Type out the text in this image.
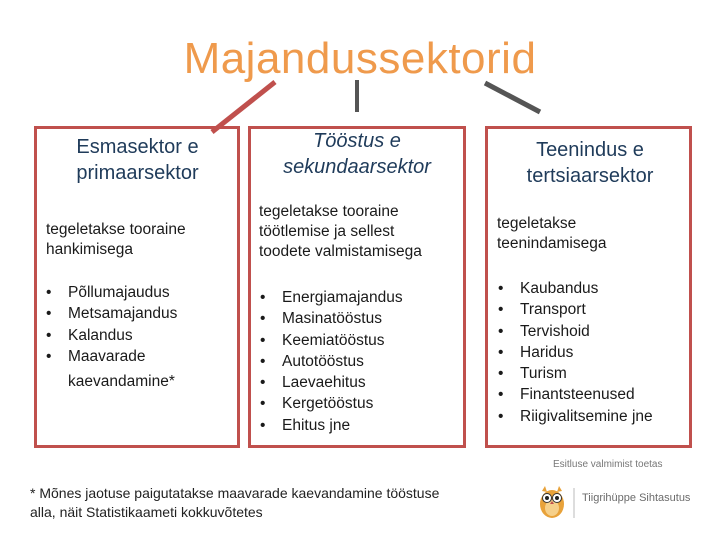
Majandussektorid
Esmasektor e
primaarsektor
tegeletakse tooraine
hankimisega
• Põllumajaudus
• Metsamajandus
• Kalandus
• Maavarade
kaevandamine*
Tööstus e
sekundaarsektor
tegeletakse tooraine
töötlemise ja sellest
toodete valmistamisega
• Energiamajandus
• Masinatööstus
• Keemiatööstus
• Autotööstus
• Laevaehitus
• Kergetööstus
• Ehitus jne
Teenindus e
tertsiaarsektor
tegeletakse
teenindamisega
• Kaubandus
• Transport
• Tervishoid
• Haridus
• Turism
• Finantsteenused
• Riigivalitsemine jne
* Mõnes jaotuse paigutatakse maavarade kaevandamine tööstuse
alla, näit Statistikaameti kokkuvõtetes
Esitluse valmimist toetas
Tiigrihüppe Sihtasutus
